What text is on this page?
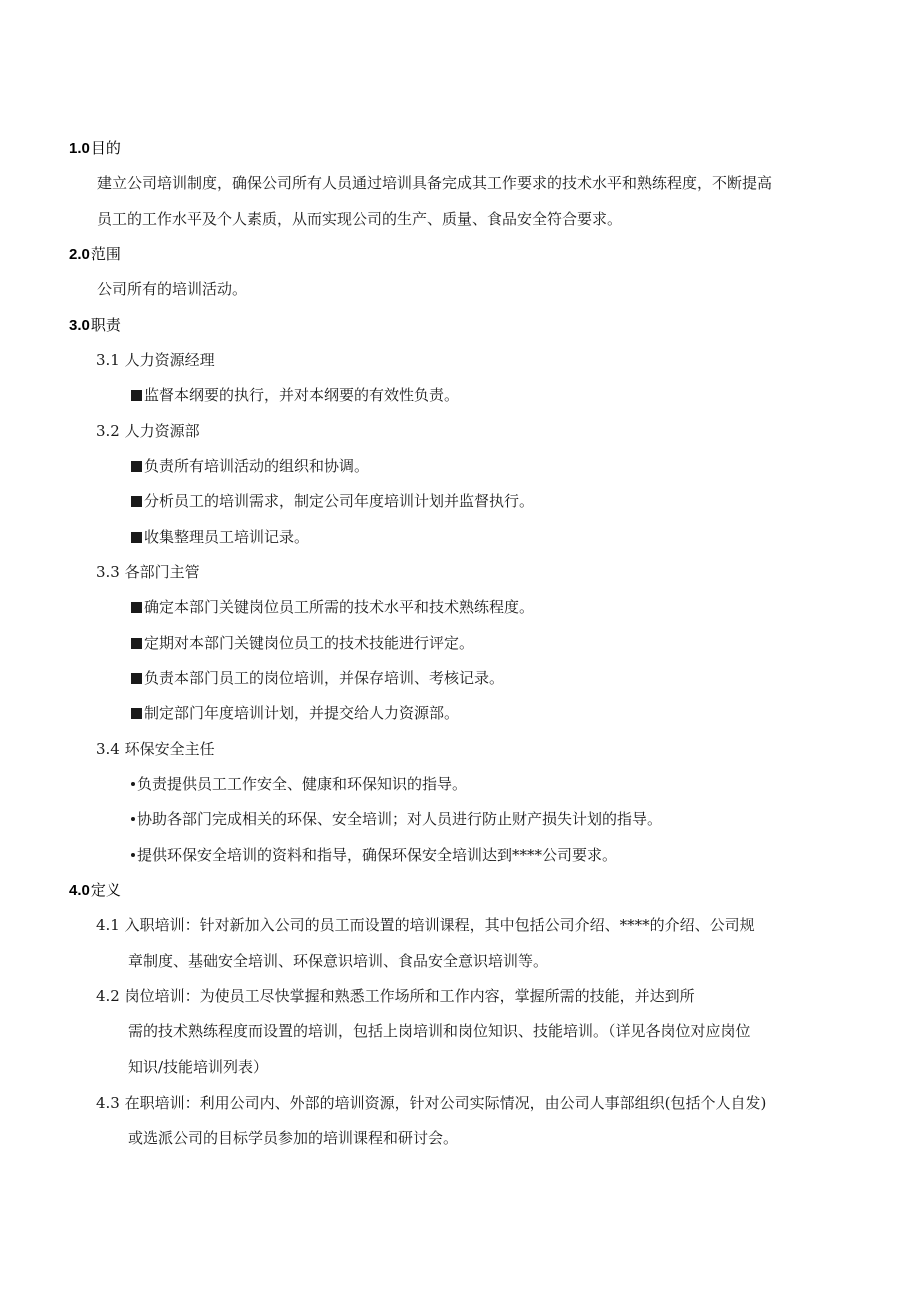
1.0目的
建立公司培训制度，确保公司所有人员通过培训具备完成其工作要求的技术水平和熟练程度，不断提高
员工的工作水平及个人素质，从而实现公司的生产、质量、食品安全符合要求。
2.0范围
公司所有的培训活动。
3.0职责
3.1 人力资源经理
监督本纲要的执行，并对本纲要的有效性负责。
3.2 人力资源部
负责所有培训活动的组织和协调。
分析员工的培训需求，制定公司年度培训计划并监督执行。
收集整理员工培训记录。
3.3 各部门主管
确定本部门关键岗位员工所需的技术水平和技术熟练程度。
定期对本部门关键岗位员工的技术技能进行评定。
负责本部门员工的岗位培训，并保存培训、考核记录。
制定部门年度培训计划，并提交给人力资源部。
3.4 环保安全主任
负责提供员工工作安全、健康和环保知识的指导。
协助各部门完成相关的环保、安全培训；对人员进行防止财产损失计划的指导。
提供环保安全培训的资料和指导，确保环保安全培训达到****公司要求。
4.0定义
4.1 入职培训：针对新加入公司的员工而设置的培训课程，其中包括公司介绍、****的介绍、公司规
章制度、基础安全培训、环保意识培训、食品安全意识培训等。
4.2 岗位培训：为使员工尽快掌握和熟悉工作场所和工作内容，掌握所需的技能，并达到所
需的技术熟练程度而设置的培训，包括上岗培训和岗位知识、技能培训。（详见各岗位对应岗位
知识/技能培训列表）
4.3 在职培训：利用公司内、外部的培训资源，针对公司实际情况，由公司人事部组织(包括个人自发)
或选派公司的目标学员参加的培训课程和研讨会。
